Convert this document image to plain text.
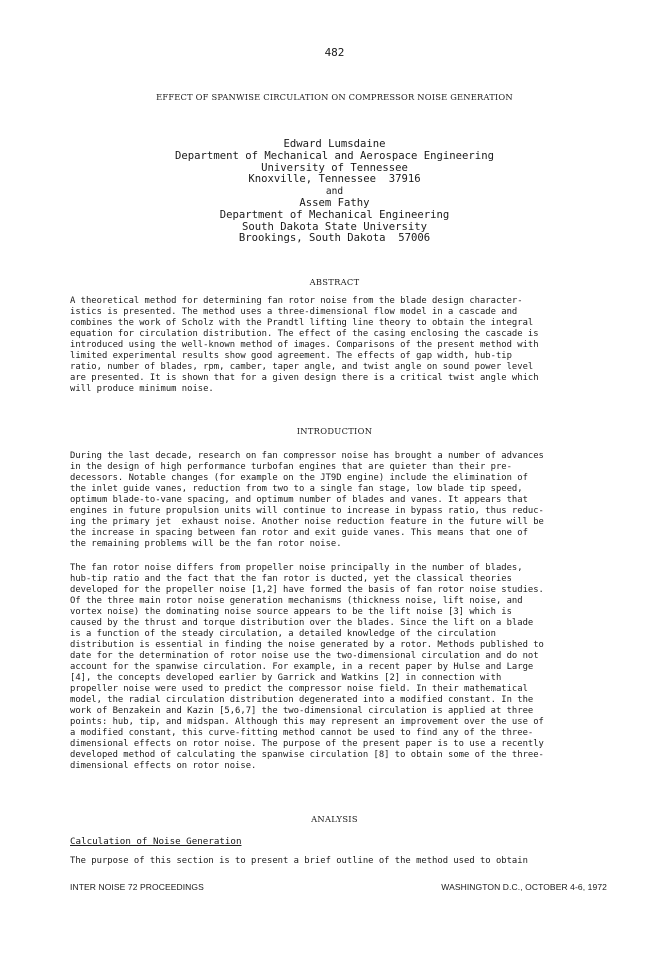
482
EFFECT OF SPANWISE CIRCULATION ON COMPRESSOR NOISE GENERATION
Edward Lumsdaine
Department of Mechanical and Aerospace Engineering
University of Tennessee
Knoxville, Tennessee  37916
and
Assem Fathy
Department of Mechanical Engineering
South Dakota State University
Brookings, South Dakota  57006
ABSTRACT
A theoretical method for determining fan rotor noise from the blade design character-
istics is presented. The method uses a three-dimensional flow model in a cascade and
combines the work of Scholz with the Prandtl lifting line theory to obtain the integral
equation for circulation distribution. The effect of the casing enclosing the cascade is
introduced using the well-known method of images. Comparisons of the present method with
limited experimental results show good agreement. The effects of gap width, hub-tip
ratio, number of blades, rpm, camber, taper angle, and twist angle on sound power level
are presented. It is shown that for a given design there is a critical twist angle which
will produce minimum noise.
INTRODUCTION
During the last decade, research on fan compressor noise has brought a number of advances
in the design of high performance turbofan engines that are quieter than their pre-
decessors. Notable changes (for example on the JT9D engine) include the elimination of
the inlet guide vanes, reduction from two to a single fan stage, low blade tip speed,
optimum blade-to-vane spacing, and optimum number of blades and vanes. It appears that
engines in future propulsion units will continue to increase in bypass ratio, thus reduc-
ing the primary jet  exhaust noise. Another noise reduction feature in the future will be
the increase in spacing between fan rotor and exit guide vanes. This means that one of
the remaining problems will be the fan rotor noise.
The fan rotor noise differs from propeller noise principally in the number of blades,
hub-tip ratio and the fact that the fan rotor is ducted, yet the classical theories
developed for the propeller noise [1,2] have formed the basis of fan rotor noise studies.
Of the three main rotor noise generation mechanisms (thickness noise, lift noise, and
vortex noise) the dominating noise source appears to be the lift noise [3] which is
caused by the thrust and torque distribution over the blades. Since the lift on a blade
is a function of the steady circulation, a detailed knowledge of the circulation
distribution is essential in finding the noise generated by a rotor. Methods published to
date for the determination of rotor noise use the two-dimensional circulation and do not
account for the spanwise circulation. For example, in a recent paper by Hulse and Large
[4], the concepts developed earlier by Garrick and Watkins [2] in connection with
propeller noise were used to predict the compressor noise field. In their mathematical
model, the radial circulation distribution degenerated into a modified constant. In the
work of Benzakein and Kazin [5,6,7] the two-dimensional circulation is applied at three
points: hub, tip, and midspan. Although this may represent an improvement over the use of
a modified constant, this curve-fitting method cannot be used to find any of the three-
dimensional effects on rotor noise. The purpose of the present paper is to use a recently
developed method of calculating the spanwise circulation [8] to obtain some of the three-
dimensional effects on rotor noise.
ANALYSIS
Calculation of Noise Generation
The purpose of this section is to present a brief outline of the method used to obtain
INTER NOISE 72 PROCEEDINGS	WASHINGTON D.C., OCTOBER 4-6, 1972
